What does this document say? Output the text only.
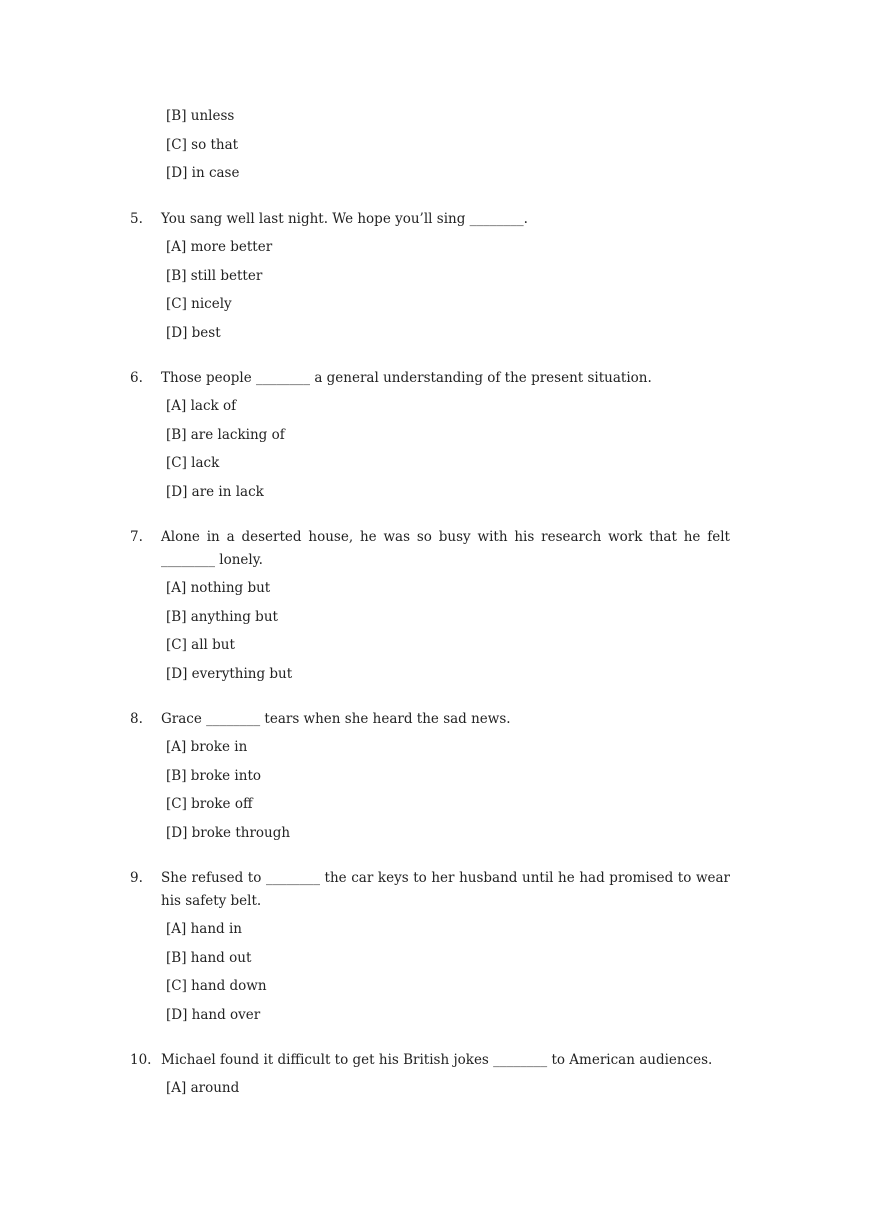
[B] unless
[C] so that
[D] in case
5.	You sang well last night. We hope you’ll sing ________.
[A] more better
[B] still better
[C] nicely
[D] best
6.	Those people ________ a general understanding of the present situation.
[A] lack of
[B] are lacking of
[C] lack
[D] are in lack
7.	Alone in a deserted house, he was so busy with his research work that he felt ________ lonely.
[A] nothing but
[B] anything but
[C] all but
[D] everything but
8.	Grace ________ tears when she heard the sad news.
[A] broke in
[B] broke into
[C] broke off
[D] broke through
9.	She refused to ________ the car keys to her husband until he had promised to wear his safety belt.
[A] hand in
[B] hand out
[C] hand down
[D] hand over
10. Michael found it difficult to get his British jokes ________ to American audiences.
[A] around
